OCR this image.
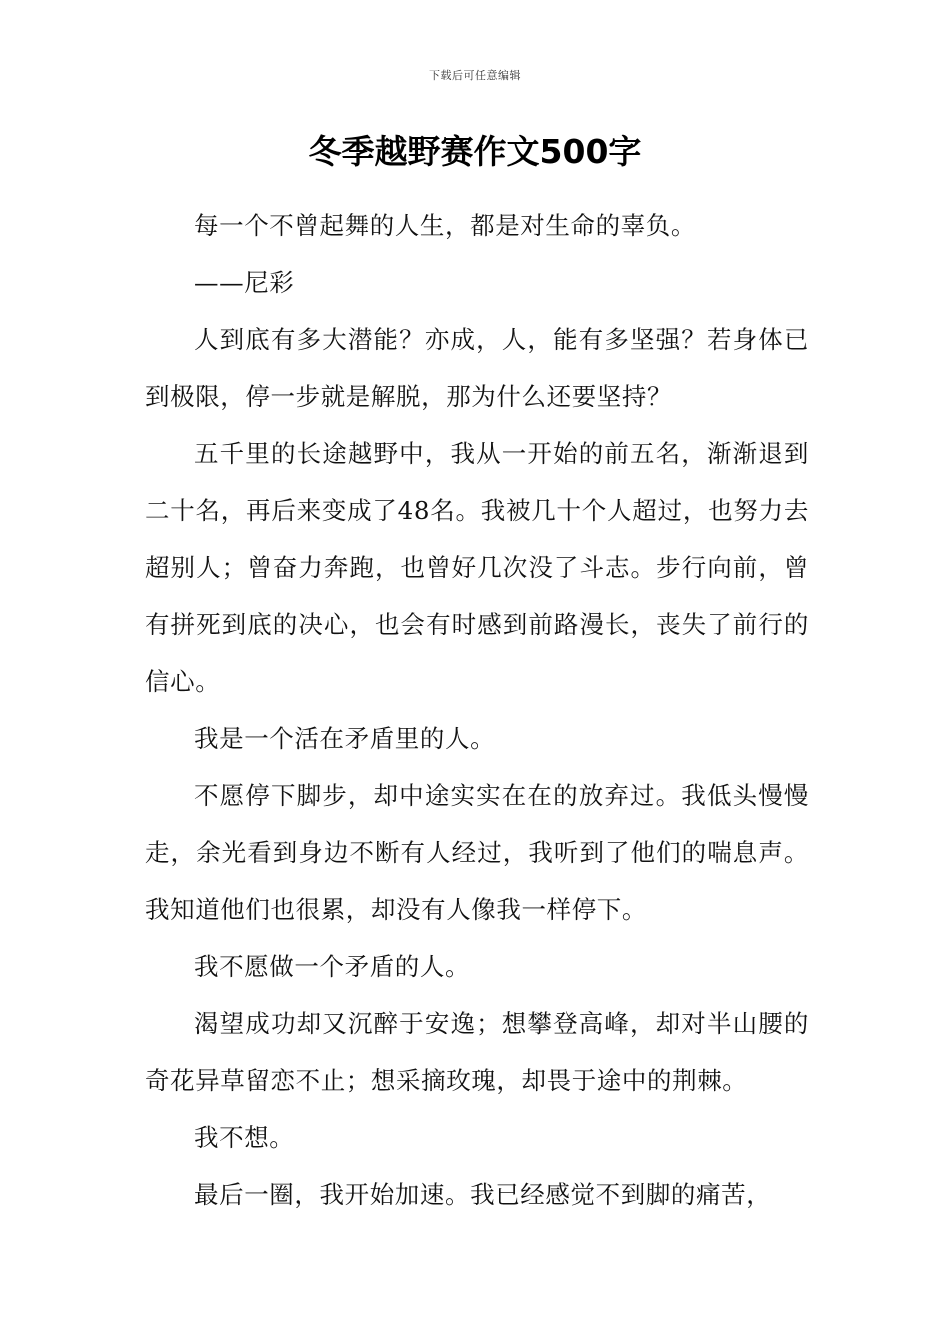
下载后可任意编辑
冬季越野赛作文500字

每一个不曾起舞的人生，都是对生命的辜负。

——尼彩

人到底有多大潜能？亦成，人，能有多坚强？若身体已到极限，停一步就是解脱，那为什么还要坚持？

五千里的长途越野中，我从一开始的前五名，渐渐退到二十名，再后来变成了48名。我被几十个人超过，也努力去超别人；曾奋力奔跑，也曾好几次没了斗志。步行向前，曾有拼死到底的决心，也会有时感到前路漫长，丧失了前行的信心。

我是一个活在矛盾里的人。

不愿停下脚步，却中途实实在在的放弃过。我低头慢慢走，余光看到身边不断有人经过，我听到了他们的喘息声。我知道他们也很累，却没有人像我一样停下。

我不愿做一个矛盾的人。

渴望成功却又沉醉于安逸；想攀登高峰，却对半山腰的奇花异草留恋不止；想采摘玫瑰，却畏于途中的荆棘。

我不想。

最后一圈，我开始加速。我已经感觉不到脚的痛苦，
